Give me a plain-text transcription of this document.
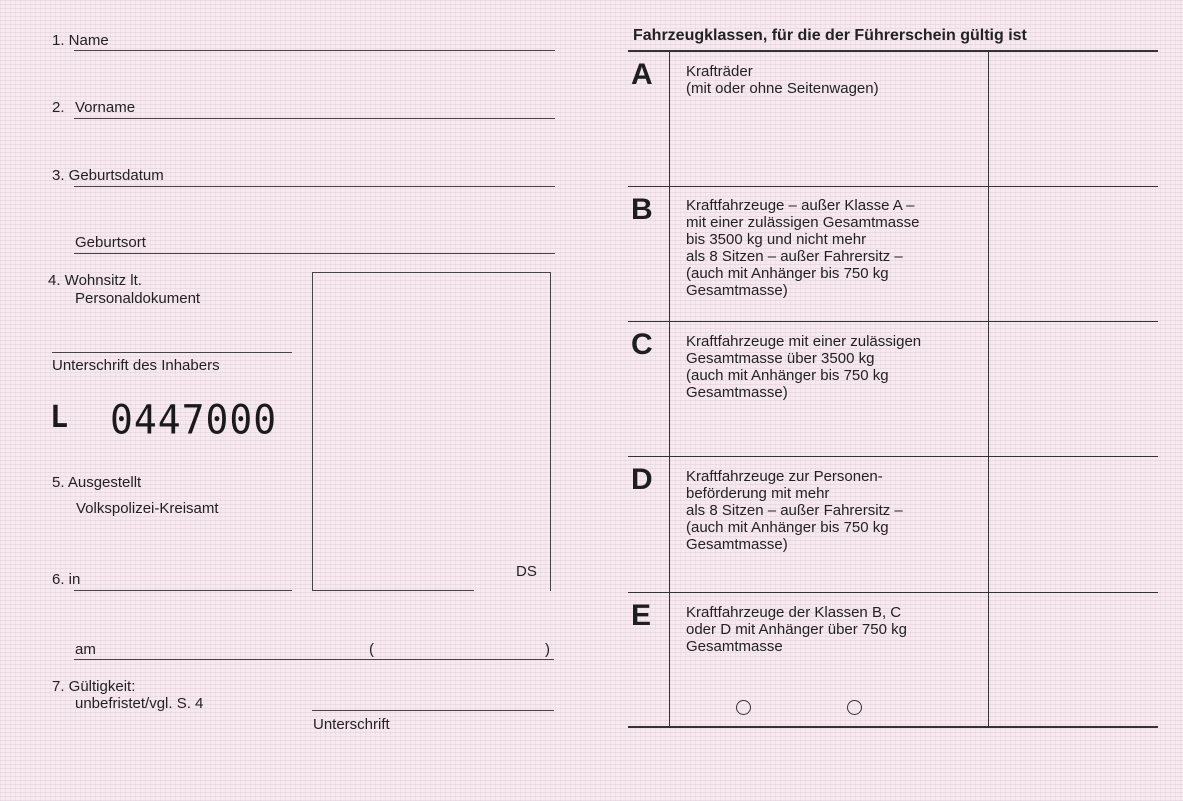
1. Name
2. Vorname
3. Geburtsdatum
Geburtsort
4. Wohnsitz lt.
Personaldokument
Unterschrift des Inhabers
L 0447000
5. Ausgestellt
Volkspolizei-Kreisamt
6. in	DS
am	(	)
7. Gültigkeit:
unbefristet/vgl. S. 4
Unterschrift
Fahrzeugklassen, für die der Führerschein gültig ist
A Krafträder
(mit oder ohne Seitenwagen)
B Kraftfahrzeuge – außer Klasse A –
mit einer zulässigen Gesamtmasse
bis 3500 kg und nicht mehr
als 8 Sitzen – außer Fahrersitz –
(auch mit Anhänger bis 750 kg
Gesamtmasse)
C Kraftfahrzeuge mit einer zulässigen
Gesamtmasse über 3500 kg
(auch mit Anhänger bis 750 kg
Gesamtmasse)
D Kraftfahrzeuge zur Personen-
beförderung mit mehr
als 8 Sitzen – außer Fahrersitz –
(auch mit Anhänger bis 750 kg
Gesamtmasse)
E Kraftfahrzeuge der Klassen B, C
oder D mit Anhänger über 750 kg
Gesamtmasse
